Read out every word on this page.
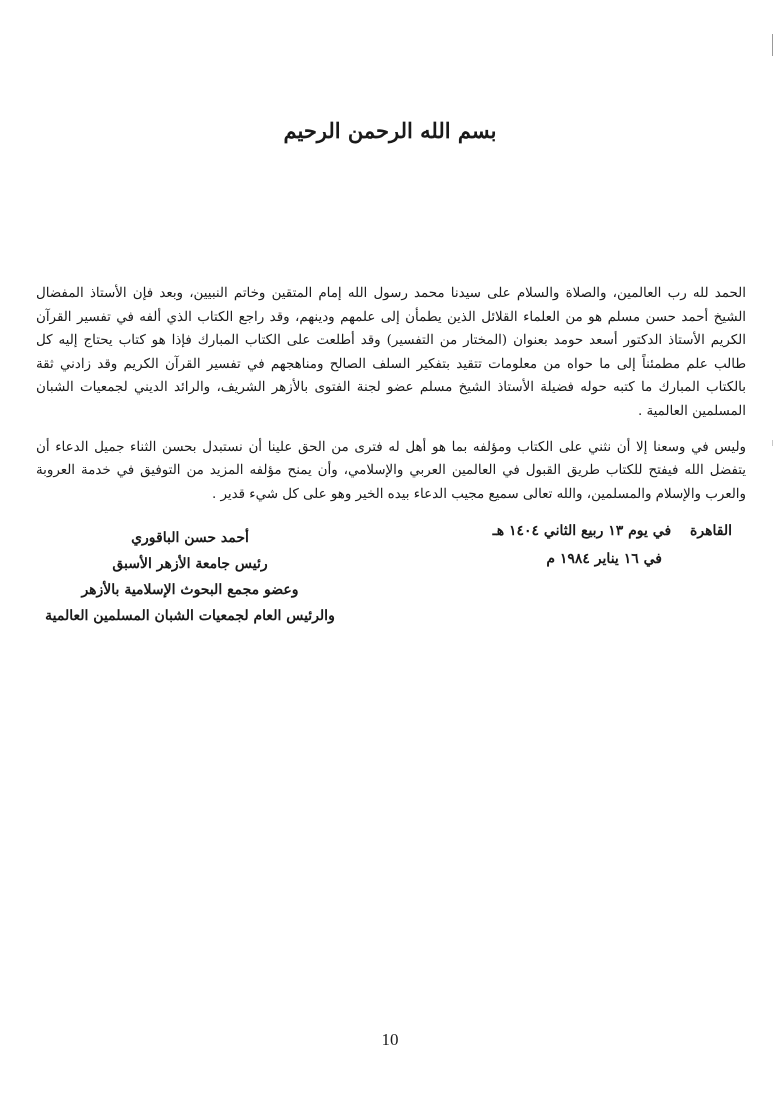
بسم الله الرحمن الرحيم

الحمد لله رب العالمين، والصلاة والسلام على سيدنا محمد رسول الله إمام المتقين وخاتم النبيين، وبعد فإن الأستاذ المفضال الشيخ أحمد حسن مسلم هو من العلماء القلائل الذين يطمأن إلى علمهم ودينهم، وقد راجع الكتاب الذي ألفه في تفسير القرآن الكريم الأستاذ الدكتور أسعد حومد بعنوان (المختار من التفسير) وقد أطلعت على الكتاب المبارك فإذا هو كتاب يحتاج إليه كل طالب علم مطمئناً إلى ما حواه من معلومات تتقيد بتفكير السلف الصالح ومناهجهم في تفسير القرآن الكريم وقد زادني ثقة بالكتاب المبارك ما كتبه حوله فضيلة الأستاذ الشيخ مسلم عضو لجنة الفتوى بالأزهر الشريف، والرائد الديني لجمعيات الشبان المسلمين العالمية .

وليس في وسعنا إلا أن نثني على الكتاب ومؤلفه بما هو أهل له فترى من الحق علينا أن نستبدل بحسن الثناء جميل الدعاء أن يتفضل الله فيفتح للكتاب طريق القبول في العالمين العربي والإسلامي، وأن يمنح مؤلفه المزيد من التوفيق في خدمة العروبة والعرب والإسلام والمسلمين، والله تعالى سميع مجيب الدعاء بيده الخير وهو على كل شيء قدير .

القاهرة في يوم ١٣ ربيع الثاني ١٤٠٤ هـ
في ١٦ يناير ١٩٨٤ م
أحمد حسن الباقوري
رئيس جامعة الأزهر الأسبق
وعضو مجمع البحوث الإسلامية بالأزهر
والرئيس العام لجمعيات الشبان المسلمين العالمية
10
